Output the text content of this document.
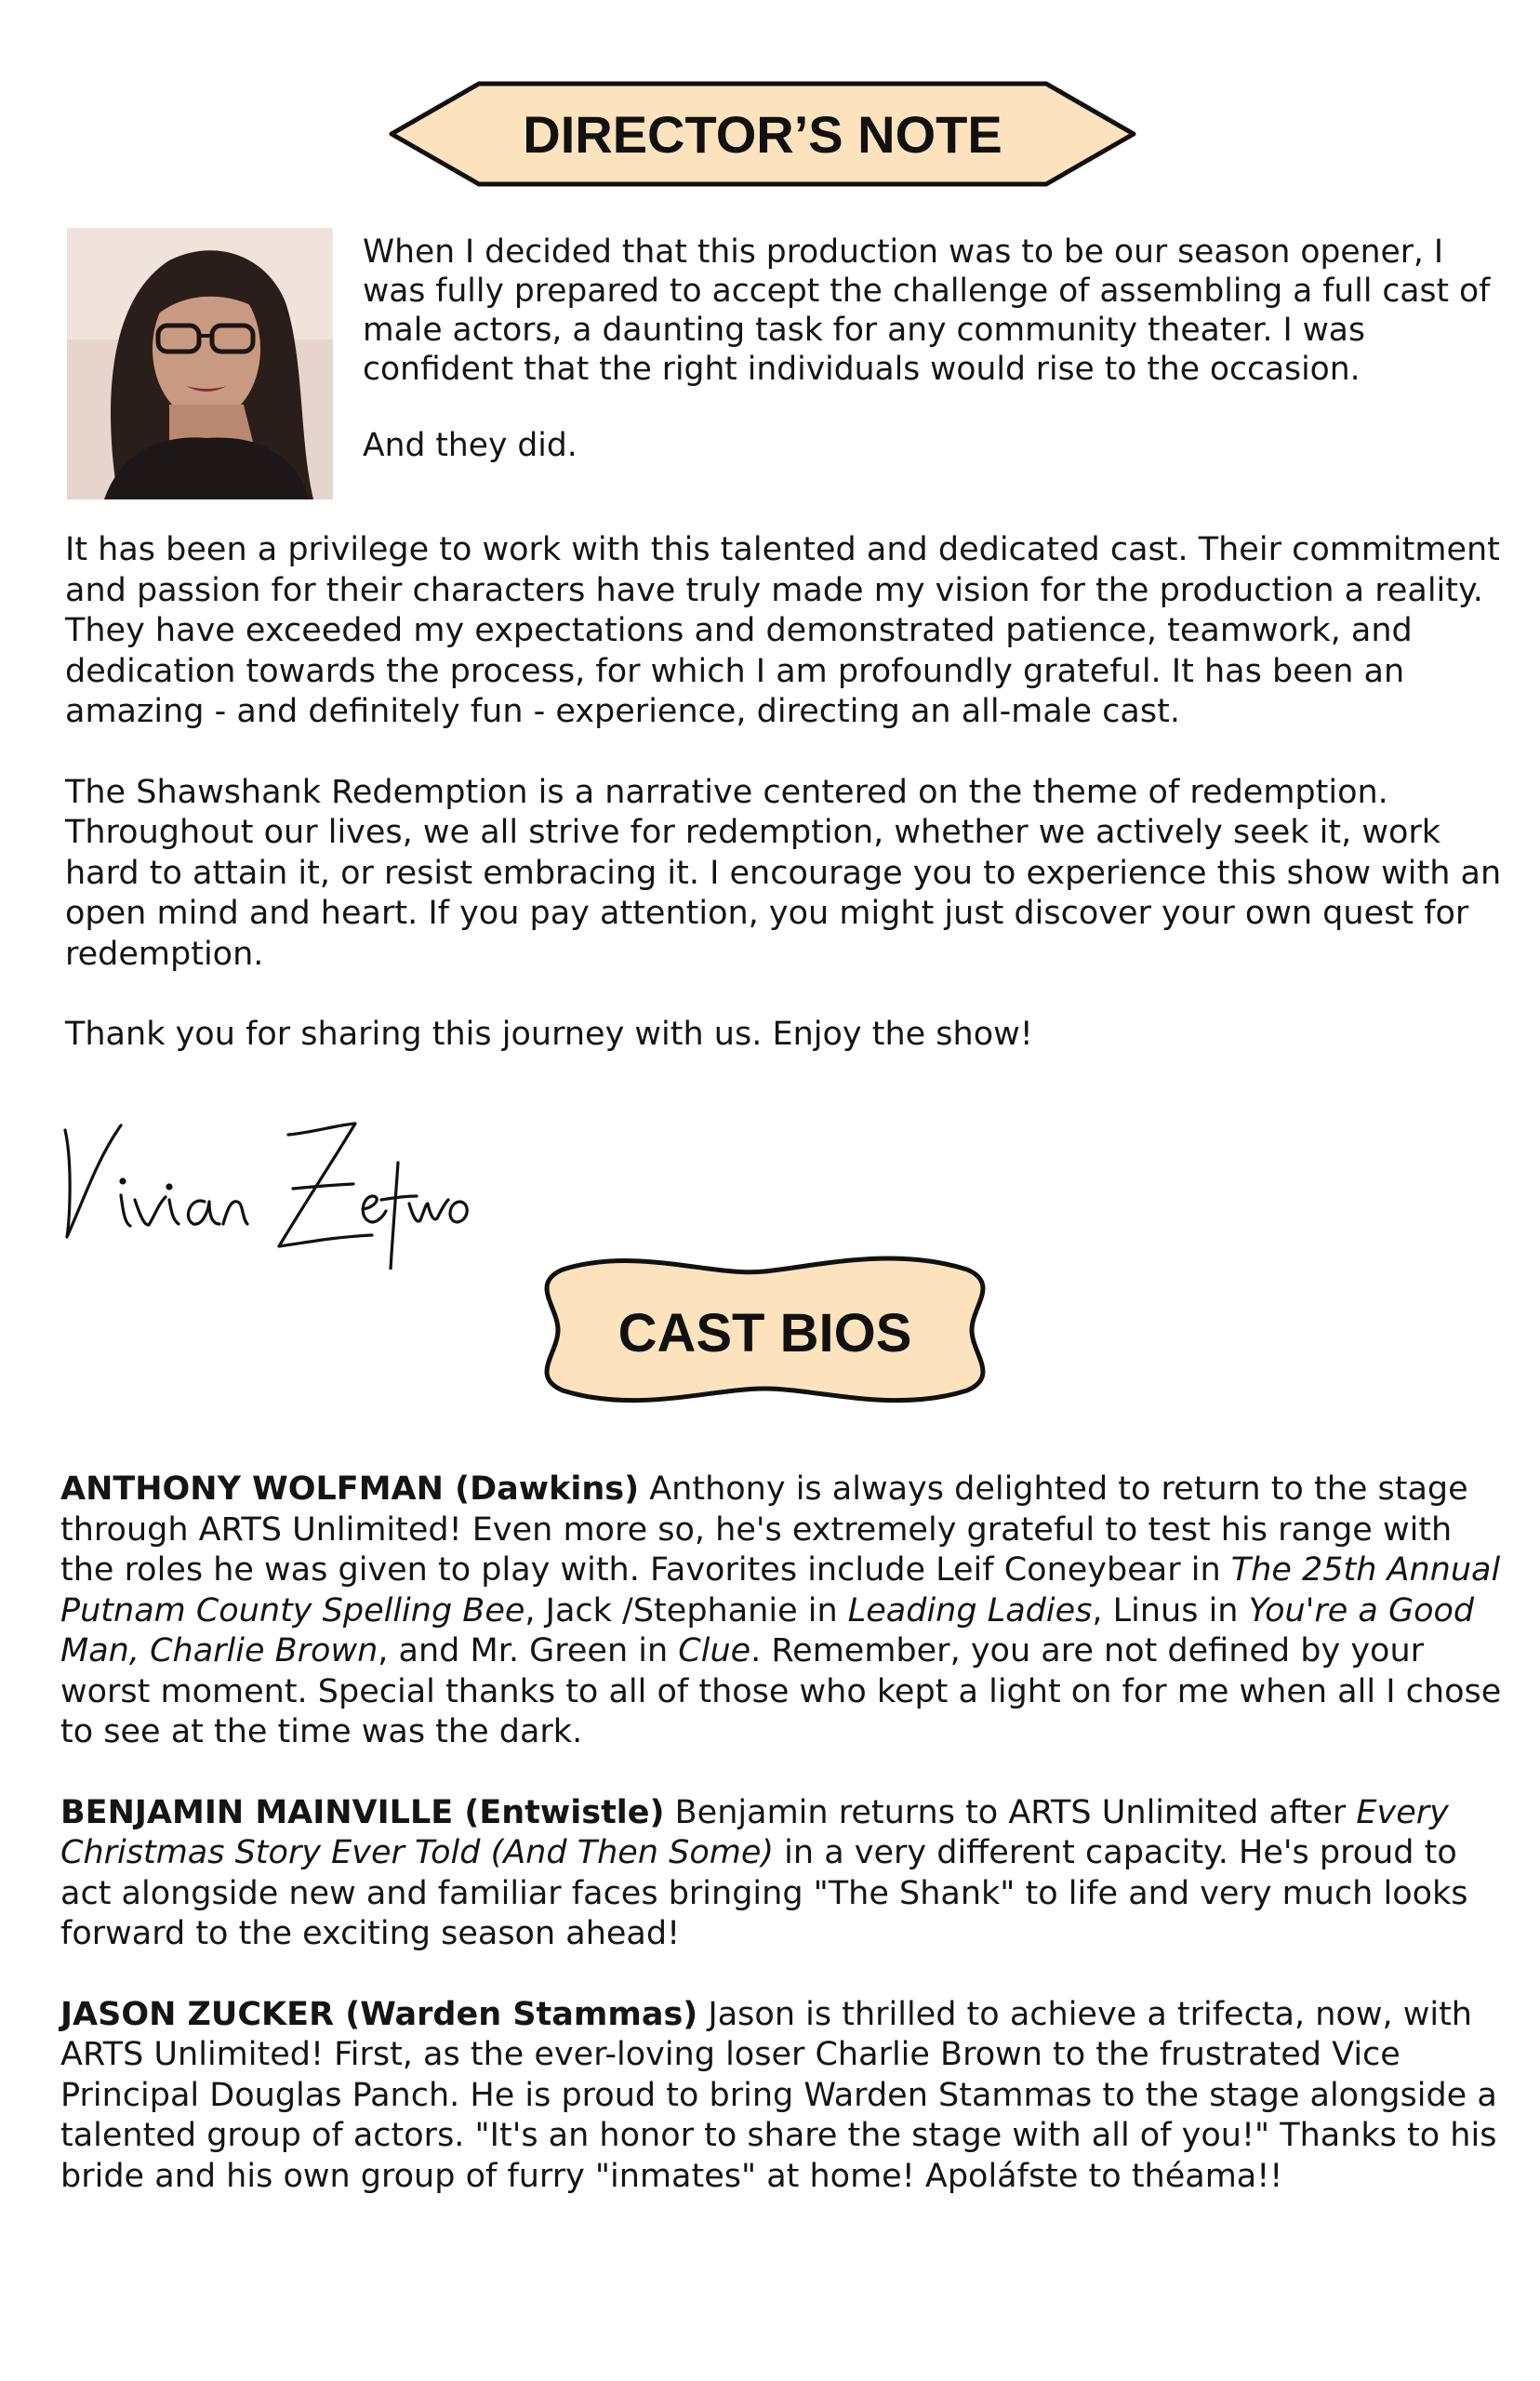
DIRECTOR’S NOTE

When I decided that this production was to be our season opener, I was fully prepared to accept the challenge of assembling a full cast of male actors, a daunting task for any community theater. I was confident that the right individuals would rise to the occasion.

And they did.

It has been a privilege to work with this talented and dedicated cast. Their commitment and passion for their characters have truly made my vision for the production a reality. They have exceeded my expectations and demonstrated patience, teamwork, and dedication towards the process, for which I am profoundly grateful. It has been an amazing - and definitely fun - experience, directing an all-male cast.

The Shawshank Redemption is a narrative centered on the theme of redemption. Throughout our lives, we all strive for redemption, whether we actively seek it, work hard to attain it, or resist embracing it. I encourage you to experience this show with an open mind and heart. If you pay attention, you might just discover your own quest for redemption.

Thank you for sharing this journey with us. Enjoy the show!

CAST BIOS

ANTHONY WOLFMAN (Dawkins) Anthony is always delighted to return to the stage through ARTS Unlimited! Even more so, he's extremely grateful to test his range with the roles he was given to play with. Favorites include Leif Coneybear in The 25th Annual Putnam County Spelling Bee, Jack /Stephanie in Leading Ladies, Linus in You're a Good Man, Charlie Brown, and Mr. Green in Clue. Remember, you are not defined by your worst moment. Special thanks to all of those who kept a light on for me when all I chose to see at the time was the dark.

BENJAMIN MAINVILLE (Entwistle) Benjamin returns to ARTS Unlimited after Every Christmas Story Ever Told (And Then Some) in a very different capacity. He's proud to act alongside new and familiar faces bringing "The Shank" to life and very much looks forward to the exciting season ahead!

JASON ZUCKER (Warden Stammas) Jason is thrilled to achieve a trifecta, now, with ARTS Unlimited! First, as the ever-loving loser Charlie Brown to the frustrated Vice Principal Douglas Panch. He is proud to bring Warden Stammas to the stage alongside a talented group of actors. "It's an honor to share the stage with all of you!" Thanks to his bride and his own group of furry "inmates" at home! Apoláfste to théama!!
